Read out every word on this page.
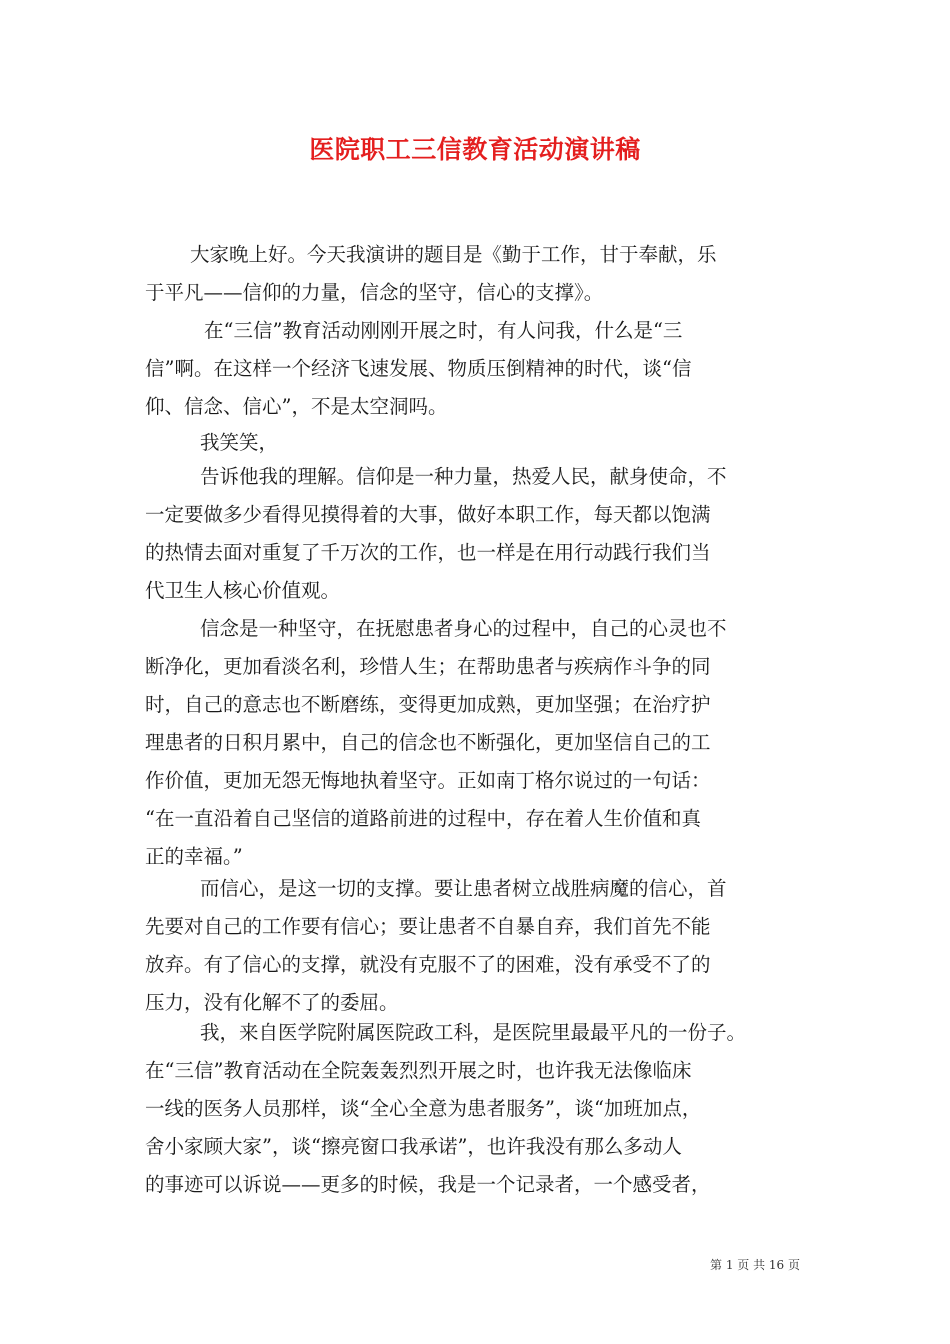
医院职工三信教育活动演讲稿
大家晚上好。今天我演讲的题目是《勤于工作，甘于奉献，乐
于平凡——信仰的力量，信念的坚守，信心的支撑》。
在“三信”教育活动刚刚开展之时，有人问我，什么是“三
信”啊。在这样一个经济飞速发展、物质压倒精神的时代，谈“信
仰、信念、信心”，不是太空洞吗。
我笑笑，
告诉他我的理解。信仰是一种力量，热爱人民，献身使命，不
一定要做多少看得见摸得着的大事，做好本职工作，每天都以饱满
的热情去面对重复了千万次的工作，也一样是在用行动践行我们当
代卫生人核心价值观。
信念是一种坚守，在抚慰患者身心的过程中，自己的心灵也不
断净化，更加看淡名利，珍惜人生；在帮助患者与疾病作斗争的同
时，自己的意志也不断磨练，变得更加成熟，更加坚强；在治疗护
理患者的日积月累中，自己的信念也不断强化，更加坚信自己的工
作价值，更加无怨无悔地执着坚守。正如南丁格尔说过的一句话：
“在一直沿着自己坚信的道路前进的过程中，存在着人生价值和真
正的幸福。”
而信心，是这一切的支撑。要让患者树立战胜病魔的信心，首
先要对自己的工作要有信心；要让患者不自暴自弃，我们首先不能
放弃。有了信心的支撑，就没有克服不了的困难，没有承受不了的
压力，没有化解不了的委屈。
我，来自医学院附属医院政工科，是医院里最最平凡的一份子。
在“三信”教育活动在全院轰轰烈烈开展之时，也许我无法像临床
一线的医务人员那样，谈“全心全意为患者服务”，谈“加班加点，
舍小家顾大家”，谈“擦亮窗口我承诺”，也许我没有那么多动人
的事迹可以诉说——更多的时候，我是一个记录者，一个感受者，
第 1 页 共 16 页
